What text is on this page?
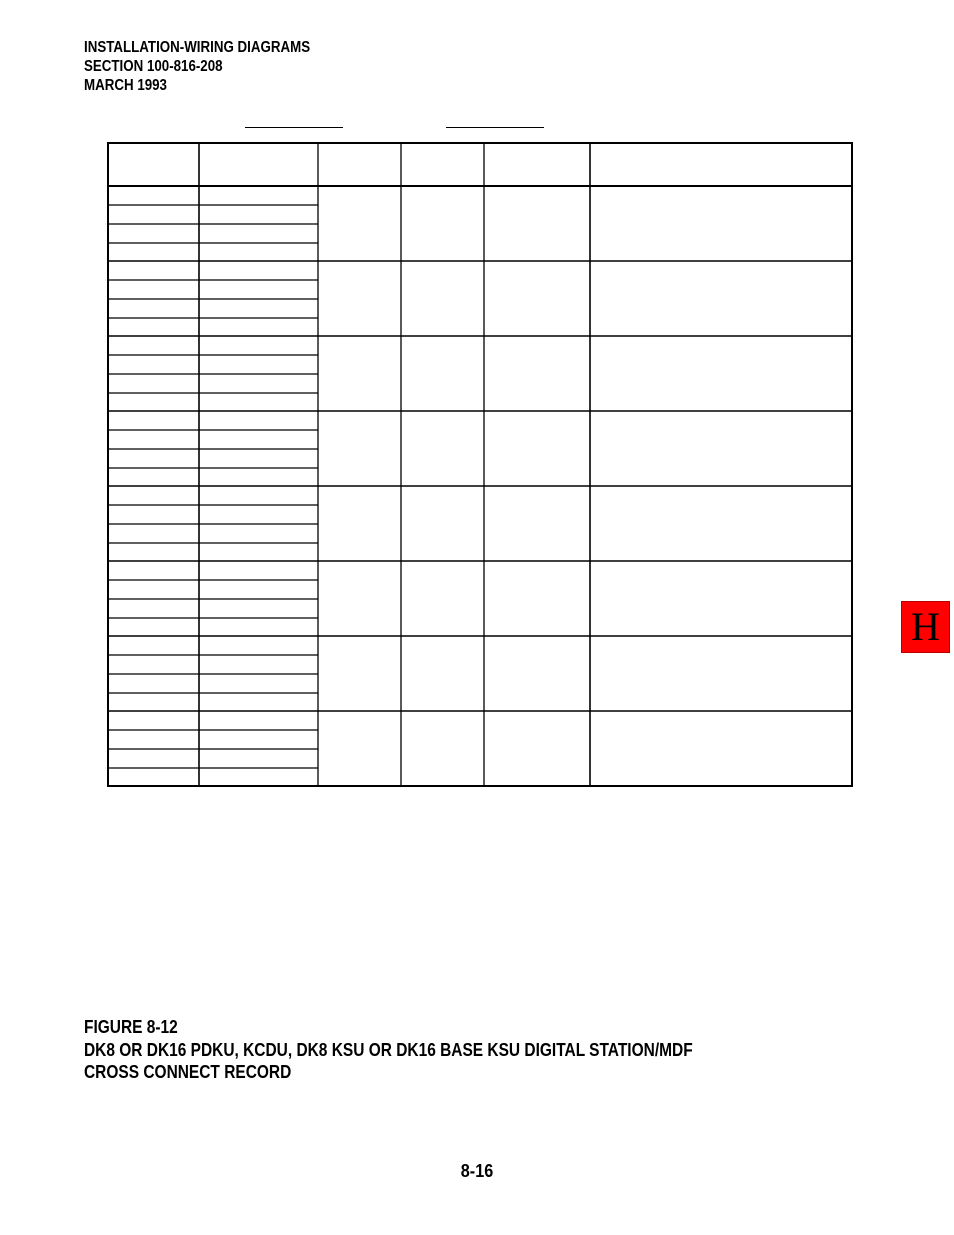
INSTALLATION-WIRING DIAGRAMS
SECTION 100-816-208
MARCH 1993
H
FIGURE 8-12
DK8 OR DK16 PDKU, KCDU, DK8 KSU OR DK16 BASE KSU DIGITAL STATION/MDF
CROSS CONNECT RECORD
8-16
